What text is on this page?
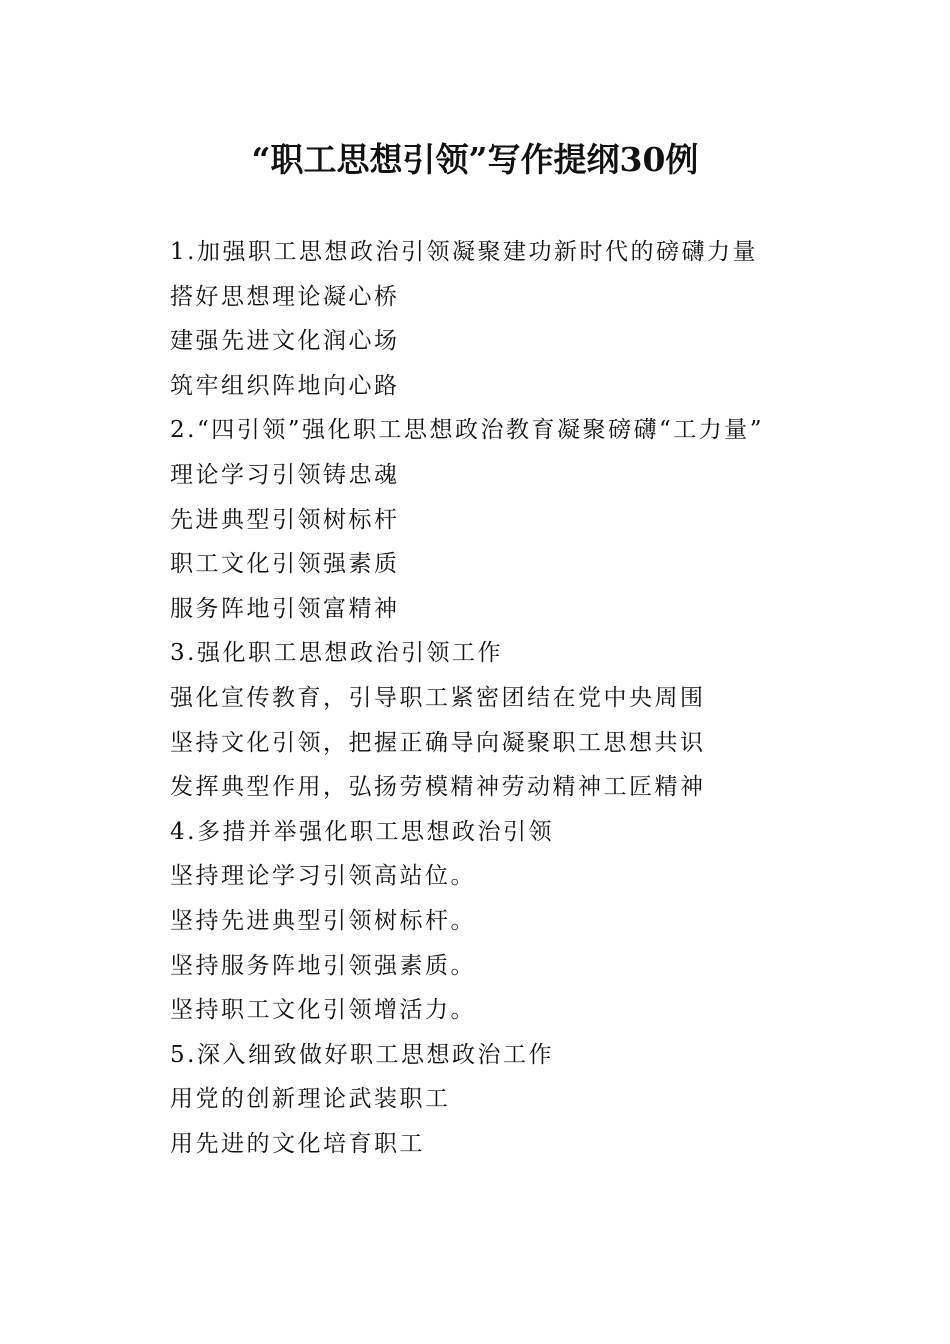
“职工思想引领”写作提纲30例
1.加强职工思想政治引领凝聚建功新时代的磅礴力量
搭好思想理论凝心桥
建强先进文化润心场
筑牢组织阵地向心路
2.“四引领”强化职工思想政治教育凝聚磅礴“工力量”
理论学习引领铸忠魂
先进典型引领树标杆
职工文化引领强素质
服务阵地引领富精神
3.强化职工思想政治引领工作
强化宣传教育，引导职工紧密团结在党中央周围
坚持文化引领，把握正确导向凝聚职工思想共识
发挥典型作用，弘扬劳模精神劳动精神工匠精神
4.多措并举强化职工思想政治引领
坚持理论学习引领高站位。
坚持先进典型引领树标杆。
坚持服务阵地引领强素质。
坚持职工文化引领增活力。
5.深入细致做好职工思想政治工作
用党的创新理论武装职工
用先进的文化培育职工
